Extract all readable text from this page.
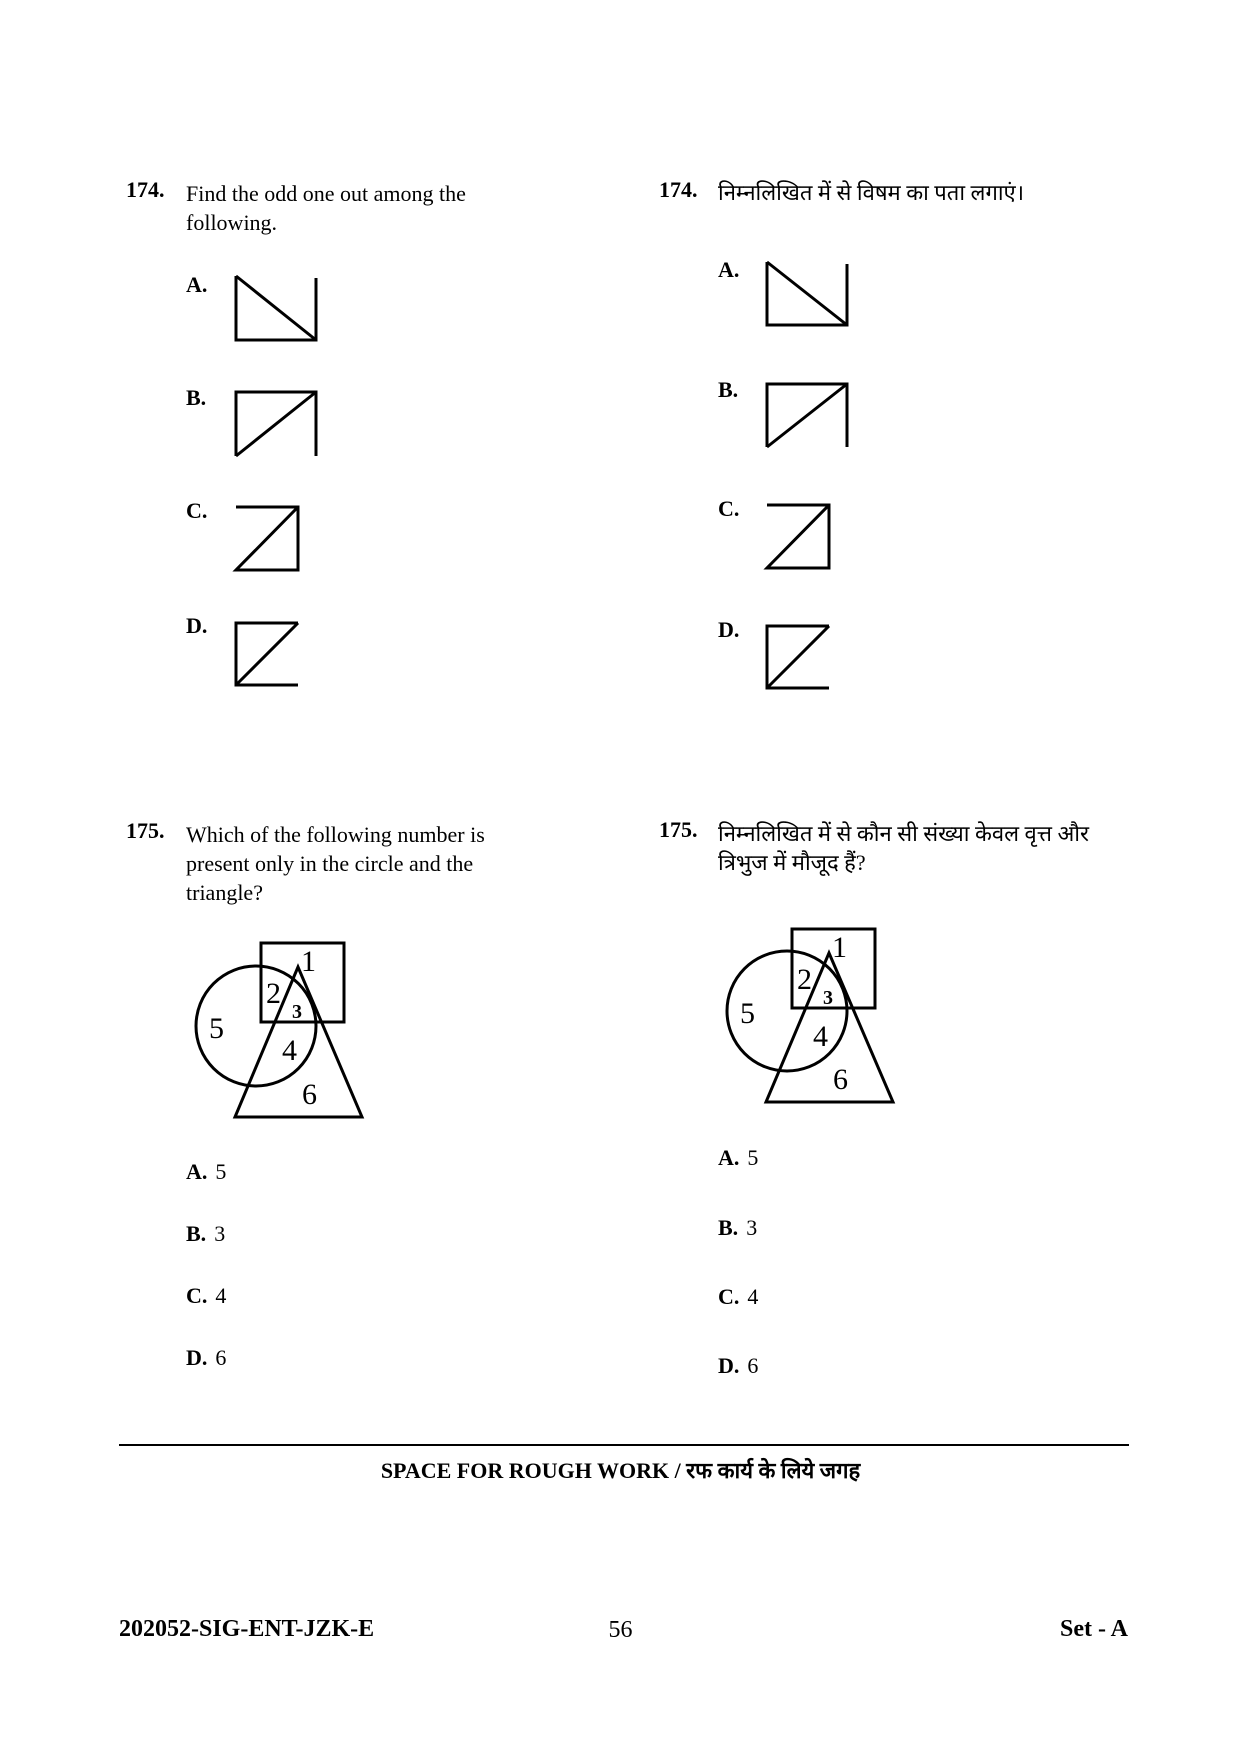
174. Find the odd one out among the following.
A.
B.
C.
D.
174. निम्नलिखित में से विषम का पता लगाएं।
A.
B.
C.
D.
175. Which of the following number is present only in the circle and the triangle?
1
2
3
4
5
6
A. 5
B. 3
C. 4
D. 6
175. निम्नलिखित में से कौन सी संख्या केवल वृत्त और त्रिभुज में मौजूद हैं?
1
2
3
4
5
6
A. 5
B. 3
C. 4
D. 6
SPACE FOR ROUGH WORK / रफ कार्य के लिये जगह
202052-SIG-ENT-JZK-E	56	Set - A
